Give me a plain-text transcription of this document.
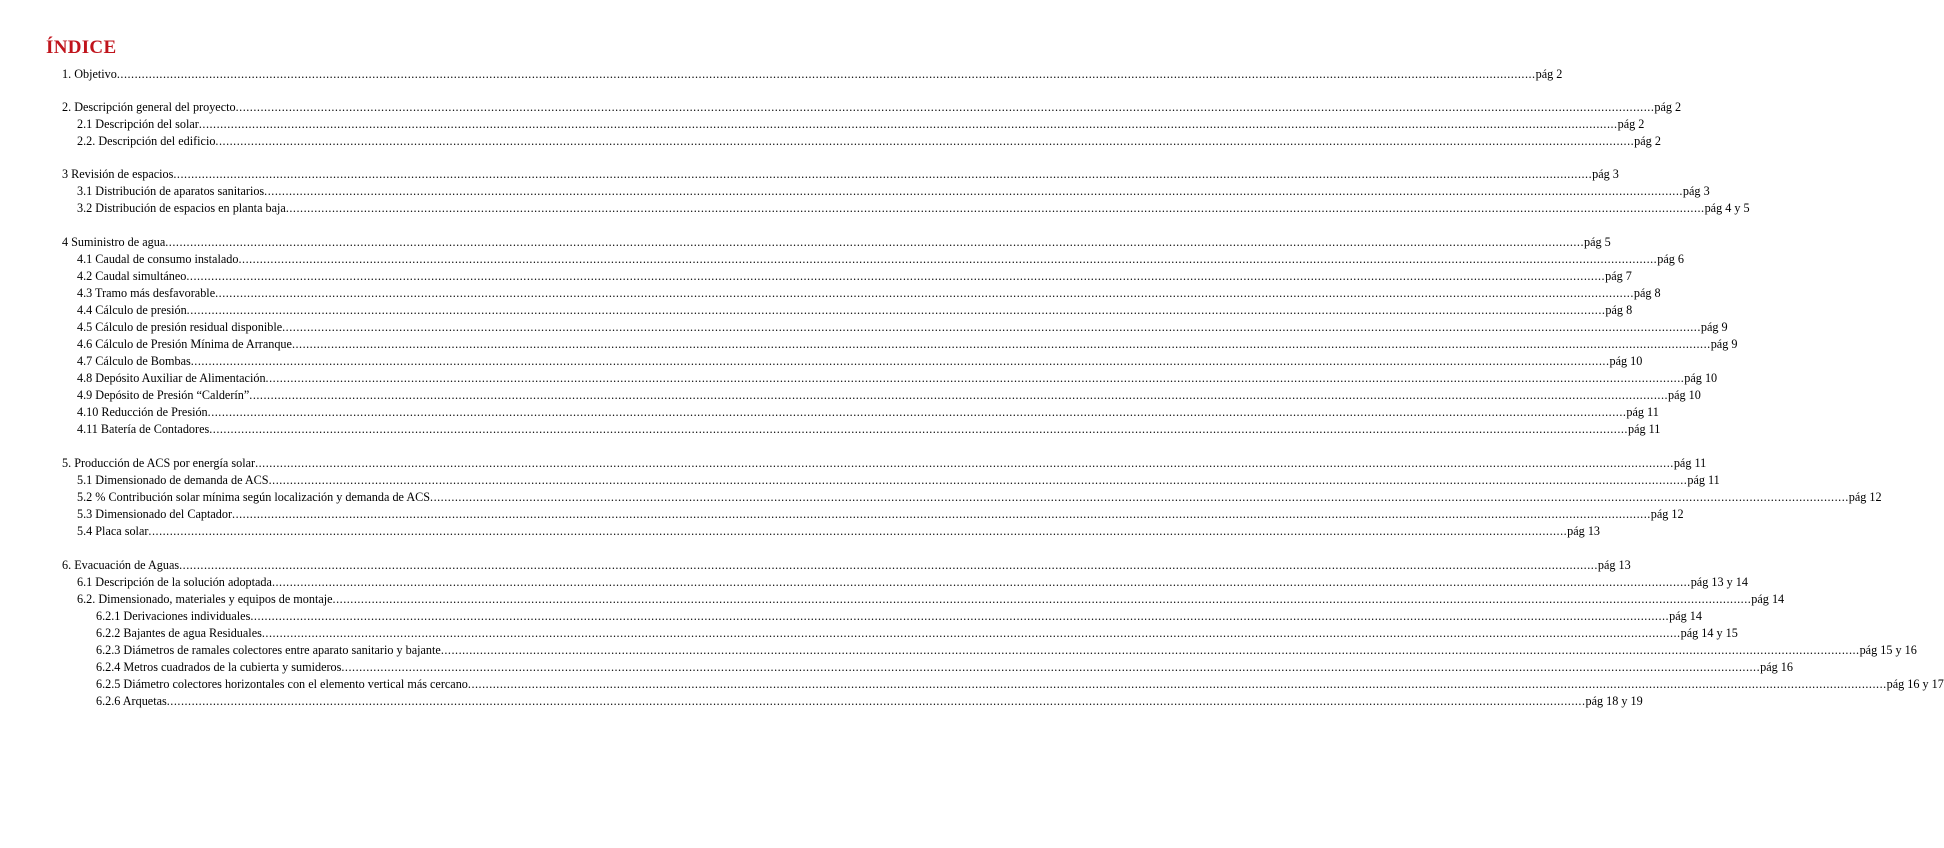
ÍNDICE
1. Objetivo ................................................................................................................................................................................................................................................................................................................................................................................................................ pág 2
2. Descripción general del proyecto ................................................................................................................................................................................................................................................................................................................................................................................................................ pág 2
2.1 Descripción del solar ................................................................................................................................................................................................................................................................................................................................................................................................................ pág 2
2.2. Descripción del edificio ................................................................................................................................................................................................................................................................................................................................................................................................................ pág 2
3 Revisión de espacios ................................................................................................................................................................................................................................................................................................................................................................................................................ pág 3
3.1 Distribución de aparatos sanitarios ................................................................................................................................................................................................................................................................................................................................................................................................................ pág 3
3.2 Distribución de espacios en planta baja ................................................................................................................................................................................................................................................................................................................................................................................................................ pág 4 y 5
4 Suministro de agua ................................................................................................................................................................................................................................................................................................................................................................................................................ pág 5
4.1 Caudal de consumo instalado ................................................................................................................................................................................................................................................................................................................................................................................................................ pág 6
4.2 Caudal simultáneo ................................................................................................................................................................................................................................................................................................................................................................................................................ pág 7
4.3 Tramo más desfavorable ................................................................................................................................................................................................................................................................................................................................................................................................................ pág 8
4.4 Cálculo de presión ................................................................................................................................................................................................................................................................................................................................................................................................................ pág 8
4.5 Cálculo de presión residual disponible ................................................................................................................................................................................................................................................................................................................................................................................................................ pág 9
4.6 Cálculo de Presión Mínima de Arranque ................................................................................................................................................................................................................................................................................................................................................................................................................ pág 9
4.7 Cálculo de Bombas ................................................................................................................................................................................................................................................................................................................................................................................................................ pág 10
4.8 Depósito Auxiliar de Alimentación ................................................................................................................................................................................................................................................................................................................................................................................................................ pág 10
4.9 Depósito de Presión “Calderín” ................................................................................................................................................................................................................................................................................................................................................................................................................ pág 10
4.10 Reducción de Presión ................................................................................................................................................................................................................................................................................................................................................................................................................ pág 11
4.11 Batería de Contadores ................................................................................................................................................................................................................................................................................................................................................................................................................ pág 11
5. Producción de ACS por energía solar ................................................................................................................................................................................................................................................................................................................................................................................................................ pág 11
5.1 Dimensionado de demanda de ACS ................................................................................................................................................................................................................................................................................................................................................................................................................ pág 11
5.2 % Contribución solar mínima según localización y demanda de ACS ................................................................................................................................................................................................................................................................................................................................................................................................................ pág 12
5.3 Dimensionado del Captador ................................................................................................................................................................................................................................................................................................................................................................................................................ pág 12
5.4 Placa solar ................................................................................................................................................................................................................................................................................................................................................................................................................ pág 13
6. Evacuación de Aguas ................................................................................................................................................................................................................................................................................................................................................................................................................ pág 13
6.1 Descripción de la solución adoptada ................................................................................................................................................................................................................................................................................................................................................................................................................ pág 13 y 14
6.2. Dimensionado, materiales y equipos de montaje ................................................................................................................................................................................................................................................................................................................................................................................................................ pág 14
6.2.1 Derivaciones individuales ................................................................................................................................................................................................................................................................................................................................................................................................................ pág 14
6.2.2 Bajantes de agua Residuales ................................................................................................................................................................................................................................................................................................................................................................................................................ pág 14 y 15
6.2.3 Diámetros de ramales colectores entre aparato sanitario y bajante ................................................................................................................................................................................................................................................................................................................................................................................................................ pág 15 y 16
6.2.4 Metros cuadrados de la cubierta y sumideros ................................................................................................................................................................................................................................................................................................................................................................................................................ pág 16
6.2.5 Diámetro colectores horizontales con el elemento vertical más cercano ................................................................................................................................................................................................................................................................................................................................................................................................................ pág 16 y 17
6.2.6 Arquetas ................................................................................................................................................................................................................................................................................................................................................................................................................ pág 18 y 19
